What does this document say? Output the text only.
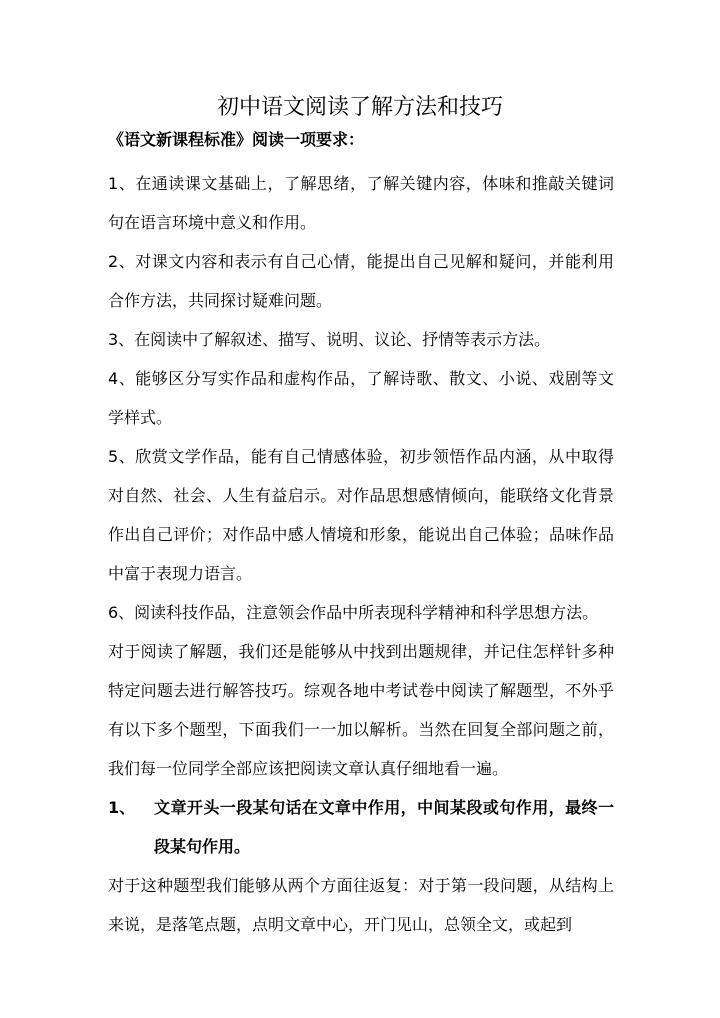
初中语文阅读了解方法和技巧
《语文新课程标准》阅读一项要求：

1、在通读课文基础上，了解思绪，了解关键内容，体味和推敲关键词句在语言环境中意义和作用。

2、对课文内容和表示有自己心情，能提出自己见解和疑问，并能利用合作方法，共同探讨疑难问题。

3、在阅读中了解叙述、描写、说明、议论、抒情等表示方法。

4、能够区分写实作品和虚构作品，了解诗歌、散文、小说、戏剧等文学样式。

5、欣赏文学作品，能有自己情感体验，初步领悟作品内涵，从中取得对自然、社会、人生有益启示。对作品思想感情倾向，能联络文化背景作出自己评价；对作品中感人情境和形象，能说出自己体验；品味作品中富于表现力语言。

6、阅读科技作品，注意领会作品中所表现科学精神和科学思想方法。

对于阅读了解题，我们还是能够从中找到出题规律，并记住怎样针多种特定问题去进行解答技巧。综观各地中考试卷中阅读了解题型，不外乎有以下多个题型，下面我们一一加以解析。当然在回复全部问题之前，我们每一位同学全部应该把阅读文章认真仔细地看一遍。

1、	文章开头一段某句话在文章中作用，中间某段或句作用，最终一段某句作用。

对于这种题型我们能够从两个方面往返复：对于第一段问题，从结构上来说，是落笔点题，点明文章中心，开门见山，总领全文，或起到
